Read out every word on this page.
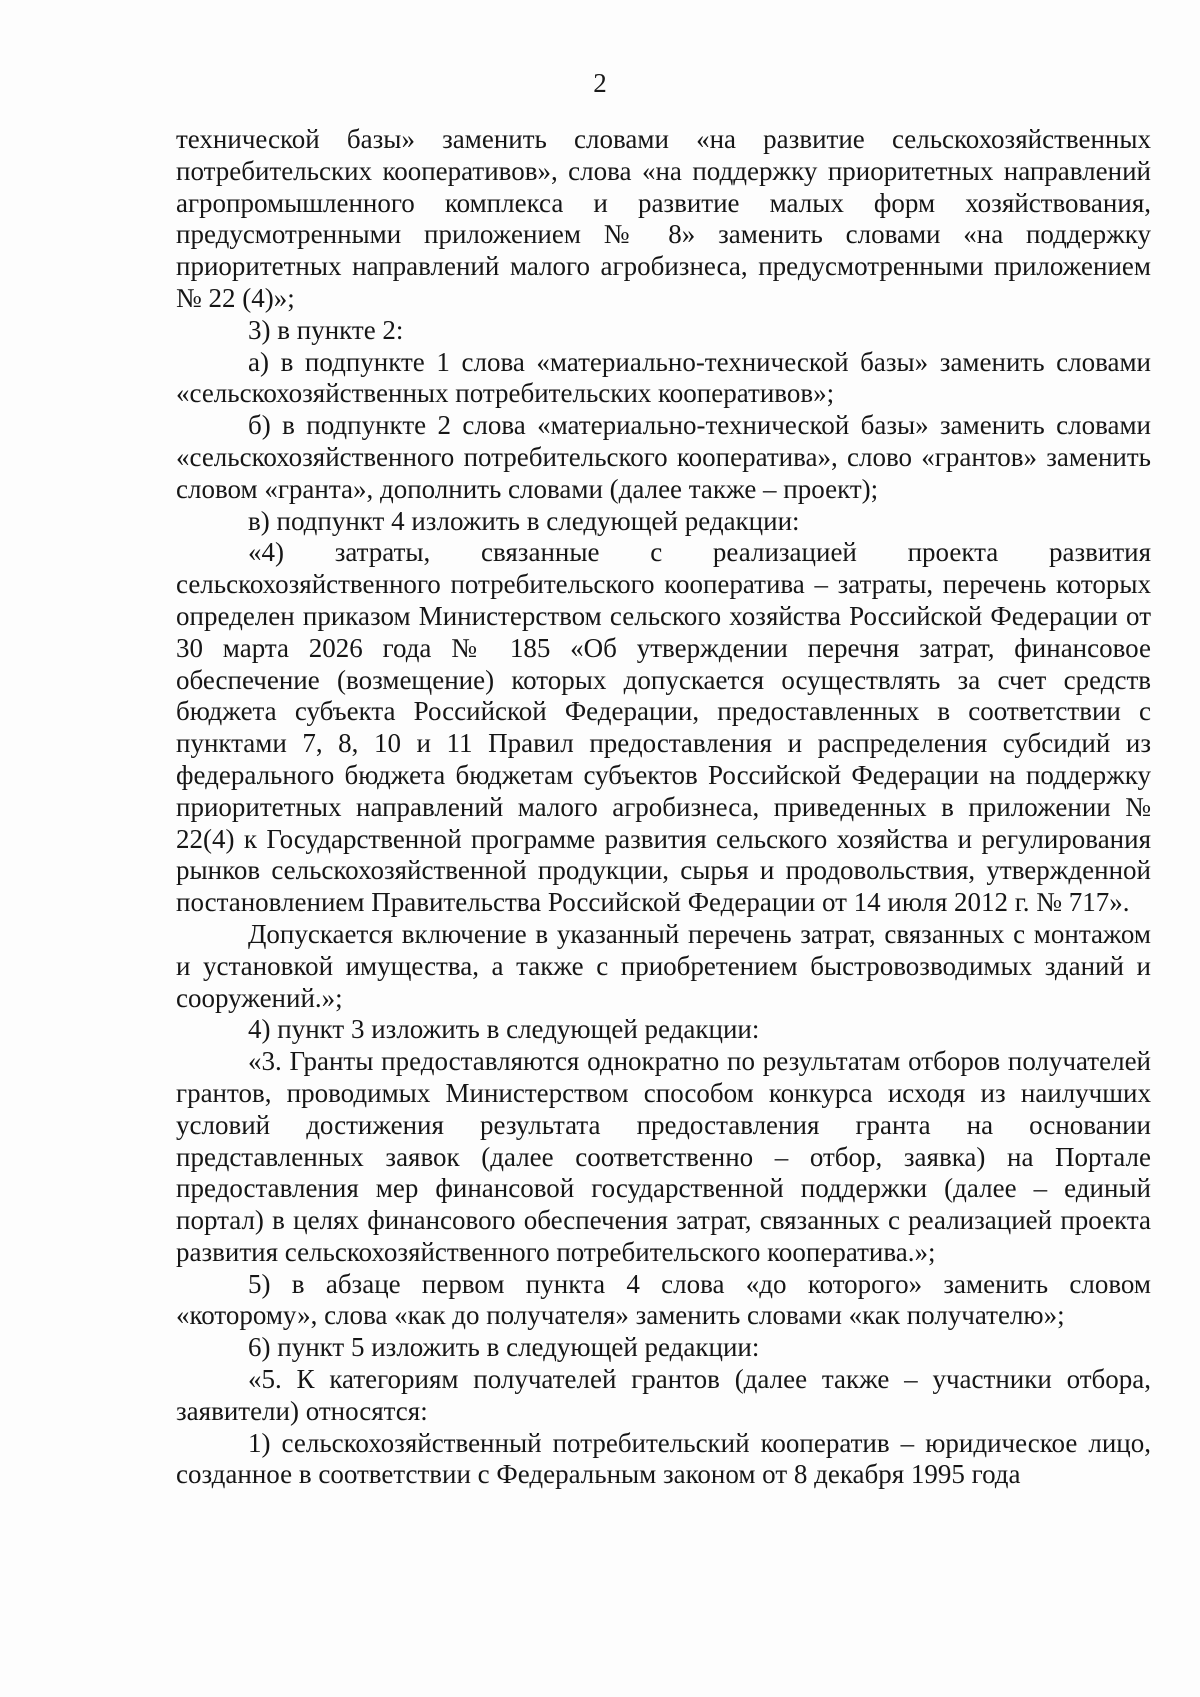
2

технической базы» заменить словами «на развитие сельскохозяйственных потребительских кооперативов», слова «на поддержку приоритетных направлений агропромышленного комплекса и развитие малых форм хозяйствования, предусмотренными приложением № 8» заменить словами «на поддержку приоритетных направлений малого агробизнеса, предусмотренными приложением № 22 (4)»;

3) в пункте 2:

а) в подпункте 1 слова «материально-технической базы» заменить словами «сельскохозяйственных потребительских кооперативов»;

б) в подпункте 2 слова «материально-технической базы» заменить словами «сельскохозяйственного потребительского кооператива», слово «грантов» заменить словом «гранта», дополнить словами (далее также – проект);

в) подпункт 4 изложить в следующей редакции:

«4) затраты, связанные с реализацией проекта развития сельскохозяйственного потребительского кооператива – затраты, перечень которых определен приказом Министерством сельского хозяйства Российской Федерации от 30 марта 2026 года № 185 «Об утверждении перечня затрат, финансовое обеспечение (возмещение) которых допускается осуществлять за счет средств бюджета субъекта Российской Федерации, предоставленных в соответствии с пунктами 7, 8, 10 и 11 Правил предоставления и распределения субсидий из федерального бюджета бюджетам субъектов Российской Федерации на поддержку приоритетных направлений малого агробизнеса, приведенных в приложении № 22(4) к Государственной программе развития сельского хозяйства и регулирования рынков сельскохозяйственной продукции, сырья и продовольствия, утвержденной постановлением Правительства Российской Федерации от 14 июля 2012 г. № 717».

Допускается включение в указанный перечень затрат, связанных с монтажом и установкой имущества, а также с приобретением быстровозводимых зданий и сооружений.»;

4) пункт 3 изложить в следующей редакции:

«3. Гранты предоставляются однократно по результатам отборов получателей грантов, проводимых Министерством способом конкурса исходя из наилучших условий достижения результата предоставления гранта на основании представленных заявок (далее соответственно – отбор, заявка) на Портале предоставления мер финансовой государственной поддержки (далее – единый портал) в целях финансового обеспечения затрат, связанных с реализацией проекта развития сельскохозяйственного потребительского кооператива.»;

5) в абзаце первом пункта 4 слова «до которого» заменить словом «которому», слова «как до получателя» заменить словами «как получателю»;

6) пункт 5 изложить в следующей редакции:

«5. К категориям получателей грантов (далее также – участники отбора, заявители) относятся:

1) сельскохозяйственный потребительский кооператив – юридическое лицо, созданное в соответствии с Федеральным законом от 8 декабря 1995 года
